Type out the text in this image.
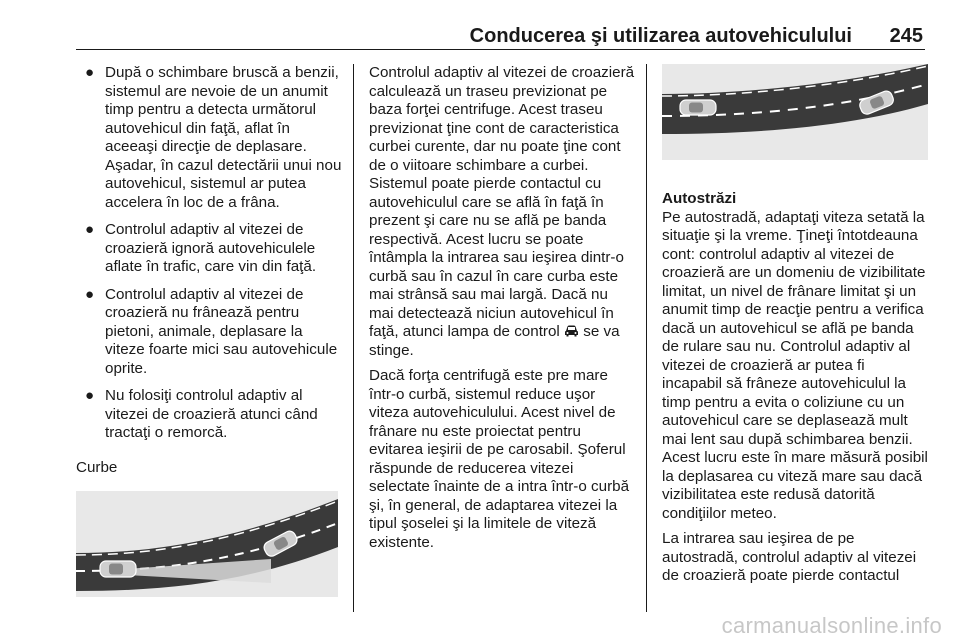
Conducerea şi utilizarea autovehiculului 245
● După o schimbare bruscă a benzii, sistemul are nevoie de un anumit timp pentru a detecta următorul autovehicul din faţă, aflat în aceeaşi direcţie de deplasare. Aşadar, în cazul detectării unui nou autovehicul, sistemul ar putea accelera în loc de a frâna.
● Controlul adaptiv al vitezei de croazieră ignoră autovehiculele aflate în trafic, care vin din faţă.
● Controlul adaptiv al vitezei de croazieră nu frânează pentru pietoni, animale, deplasare la viteze foarte mici sau autovehicule oprite.
● Nu folosiţi controlul adaptiv al vitezei de croazieră atunci când tractaţi o remorcă.
Curbe
Controlul adaptiv al vitezei de croazieră calculează un traseu previzionat pe baza forţei centrifuge. Acest traseu previzionat ţine cont de caracteristica curbei curente, dar nu poate ţine cont de o viitoare schimbare a curbei. Sistemul poate pierde contactul cu autovehiculul care se află în faţă în prezent şi care nu se află pe banda respectivă. Acest lucru se poate întâmpla la intrarea sau ieşirea dintr-o curbă sau în cazul în care curba este mai strânsă sau mai largă. Dacă nu mai detectează niciun autovehicul în faţă, atunci lampa de control se va stinge.
Dacă forţa centrifugă este pre mare într-o curbă, sistemul reduce uşor viteza autovehiculului. Acest nivel de frânare nu este proiectat pentru evitarea ieşirii de pe carosabil. Şoferul răspunde de reducerea vitezei selectate înainte de a intra într-o curbă şi, în general, de adaptarea vitezei la tipul şoselei şi la limitele de viteză existente.
Autostrăzi
Pe autostradă, adaptaţi viteza setată la situaţie şi la vreme. Ţineţi întotdeauna cont: controlul adaptiv al vitezei de croazieră are un domeniu de vizibilitate limitat, un nivel de frânare limitat şi un anumit timp de reacţie pentru a verifica dacă un autovehicul se află pe banda de rulare sau nu. Controlul adaptiv al vitezei de croazieră ar putea fi incapabil să frâneze autovehiculul la timp pentru a evita o coliziune cu un autovehicul care se deplasează mult mai lent sau după schimbarea benzii. Acest lucru este în mare măsură posibil la deplasarea cu viteză mare sau dacă vizibilitatea este redusă datorită condiţiilor meteo.
La intrarea sau ieşirea de pe autostradă, controlul adaptiv al vitezei de croazieră poate pierde contactul
carmanualsonline.info
